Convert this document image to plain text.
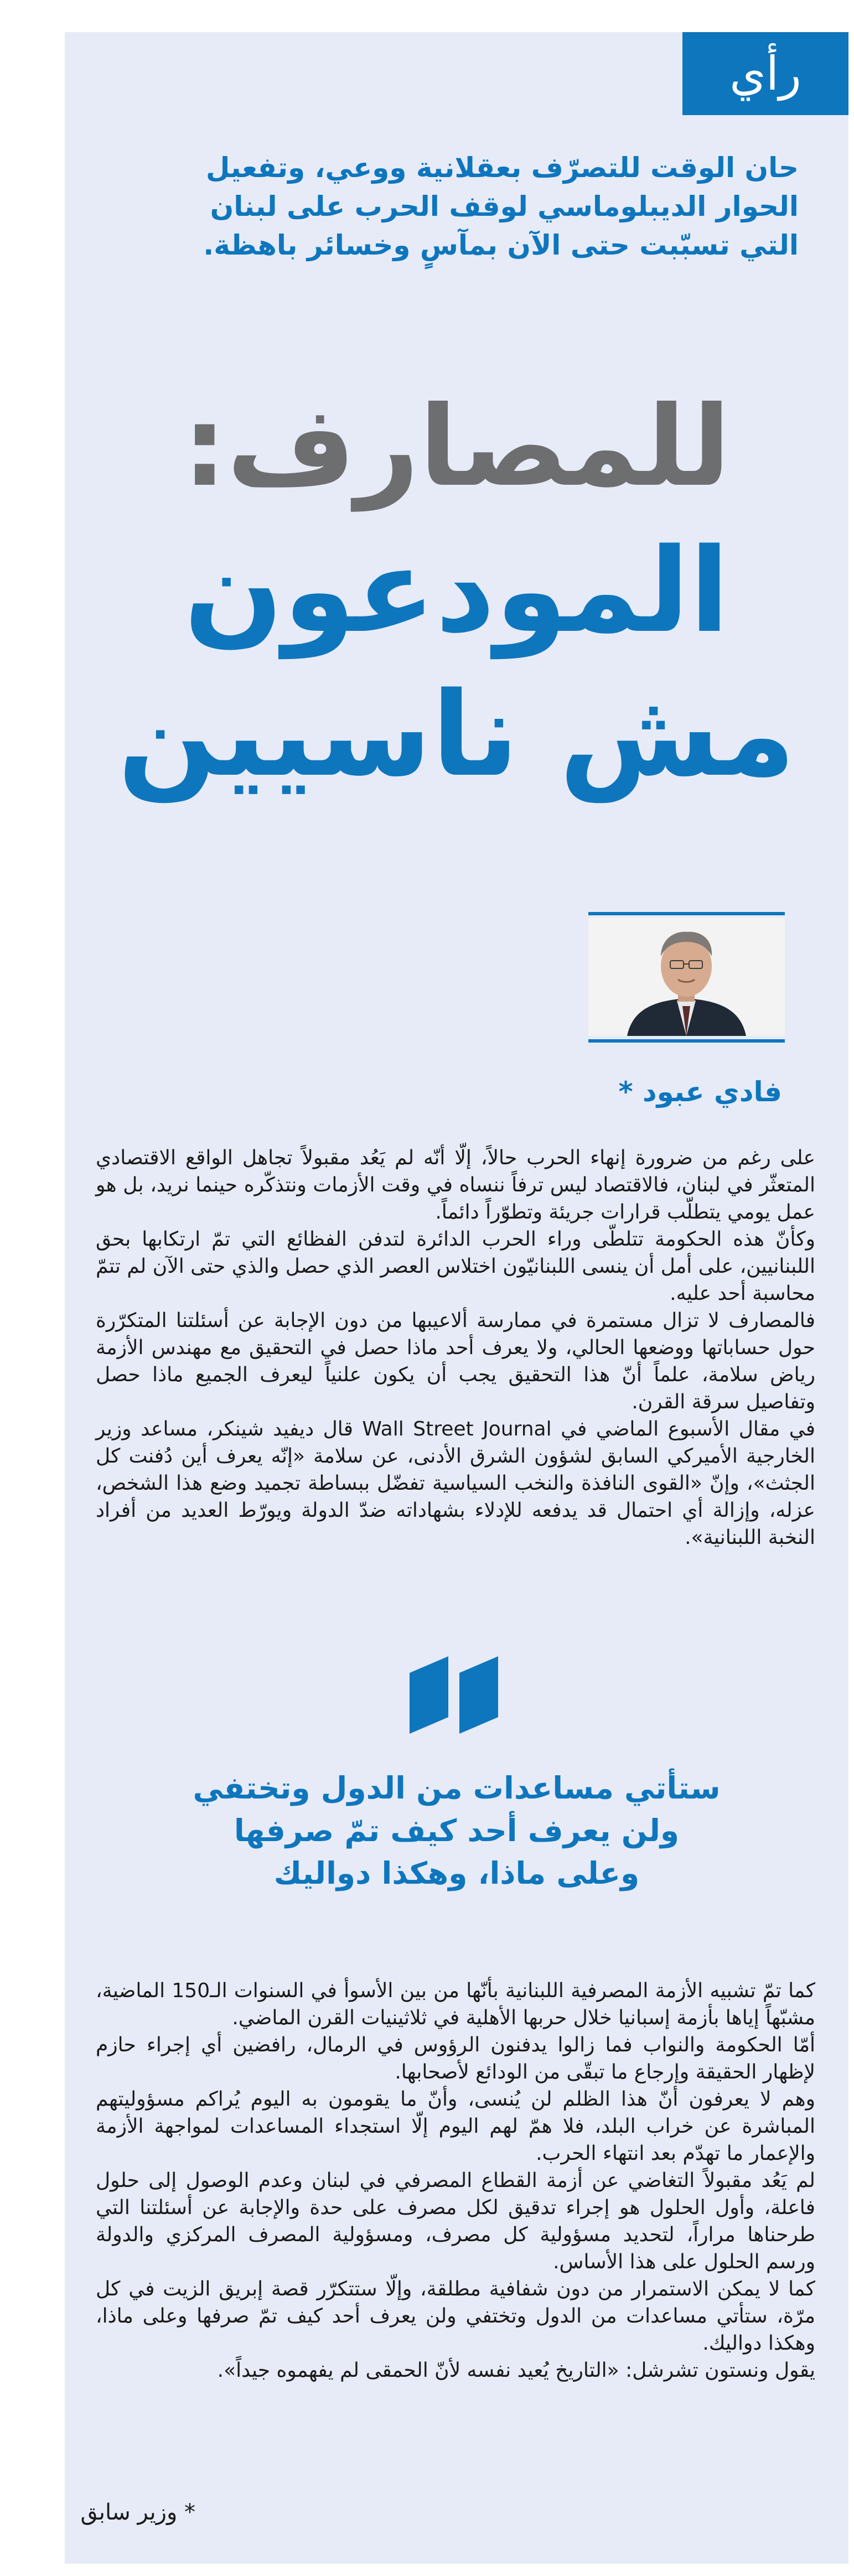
رأي

حان الوقت للتصرّف بعقلانية ووعي، وتفعيل الحوار الديبلوماسي لوقف الحرب على لبنان التي تسبّبت حتى الآن بمآسٍ وخسائر باهظة.

للمصارف:
المودعون
مش ناسيين
فادي عبود *

على رغم من ضرورة إنهاء الحرب حالاً، إلّا أنّه لم يَعُد مقبولاً تجاهل الواقع الاقتصادي المتعثّر في لبنان، فالاقتصاد ليس ترفاً ننساه في وقت الأزمات ونتذكّره حينما نريد، بل هو عمل يومي يتطلّب قرارات جريئة وتطوّراً دائماً.

وكأنّ هذه الحكومة تتلطّى وراء الحرب الدائرة لتدفن الفظائع التي تمّ ارتكابها بحق اللبنانيين، على أمل أن ينسى اللبنانيّون اختلاس العصر الذي حصل والذي حتى الآن لم تتمّ محاسبة أحد عليه.

فالمصارف لا تزال مستمرة في ممارسة ألاعيبها من دون الإجابة عن أسئلتنا المتكرّرة حول حساباتها ووضعها الحالي، ولا يعرف أحد ماذا حصل في التحقيق مع مهندس الأزمة رياض سلامة، علماً أنّ هذا التحقيق يجب أن يكون علنياً ليعرف الجميع ماذا حصل وتفاصيل سرقة القرن.

في مقال الأسبوع الماضي في Wall Street Journal قال ديفيد شينكر، مساعد وزير الخارجية الأميركي السابق لشؤون الشرق الأدنى، عن سلامة «إنّه يعرف أين دُفنت كل الجثث»، وإنّ «القوى النافذة والنخب السياسية تفضّل ببساطة تجميد وضع هذا الشخص، عزله، وإزالة أي احتمال قد يدفعه للإدلاء بشهاداته ضدّ الدولة ويورّط العديد من أفراد النخبة اللبنانية».

ستأتي مساعدات من الدول وتختفي
ولن يعرف أحد كيف تمّ صرفها
وعلى ماذا، وهكذا دواليك

كما تمّ تشبيه الأزمة المصرفية اللبنانية بأنّها من بين الأسوأ في السنوات الـ150 الماضية، مشبّهاً إياها بأزمة إسبانيا خلال حربها الأهلية في ثلاثينيات القرن الماضي.

أمّا الحكومة والنواب فما زالوا يدفنون الرؤوس في الرمال، رافضين أي إجراء حازم لإظهار الحقيقة وإرجاع ما تبقّى من الودائع لأصحابها.

وهم لا يعرفون أنّ هذا الظلم لن يُنسى، وأنّ ما يقومون به اليوم يُراكم مسؤوليتهم المباشرة عن خراب البلد، فلا همّ لهم اليوم إلّا استجداء المساعدات لمواجهة الأزمة والإعمار ما تهدّم بعد انتهاء الحرب.

لم يَعُد مقبولاً التغاضي عن أزمة القطاع المصرفي في لبنان وعدم الوصول إلى حلول فاعلة، وأول الحلول هو إجراء تدقيق لكل مصرف على حدة والإجابة عن أسئلتنا التي طرحناها مراراً، لتحديد مسؤولية كل مصرف، ومسؤولية المصرف المركزي والدولة ورسم الحلول على هذا الأساس.

كما لا يمكن الاستمرار من دون شفافية مطلقة، وإلّا ستتكرّر قصة إبريق الزيت في كل مرّة، ستأتي مساعدات من الدول وتختفي ولن يعرف أحد كيف تمّ صرفها وعلى ماذا، وهكذا دواليك.

يقول ونستون تشرشل: «التاريخ يُعيد نفسه لأنّ الحمقى لم يفهموه جيداً».

* وزير سابق
